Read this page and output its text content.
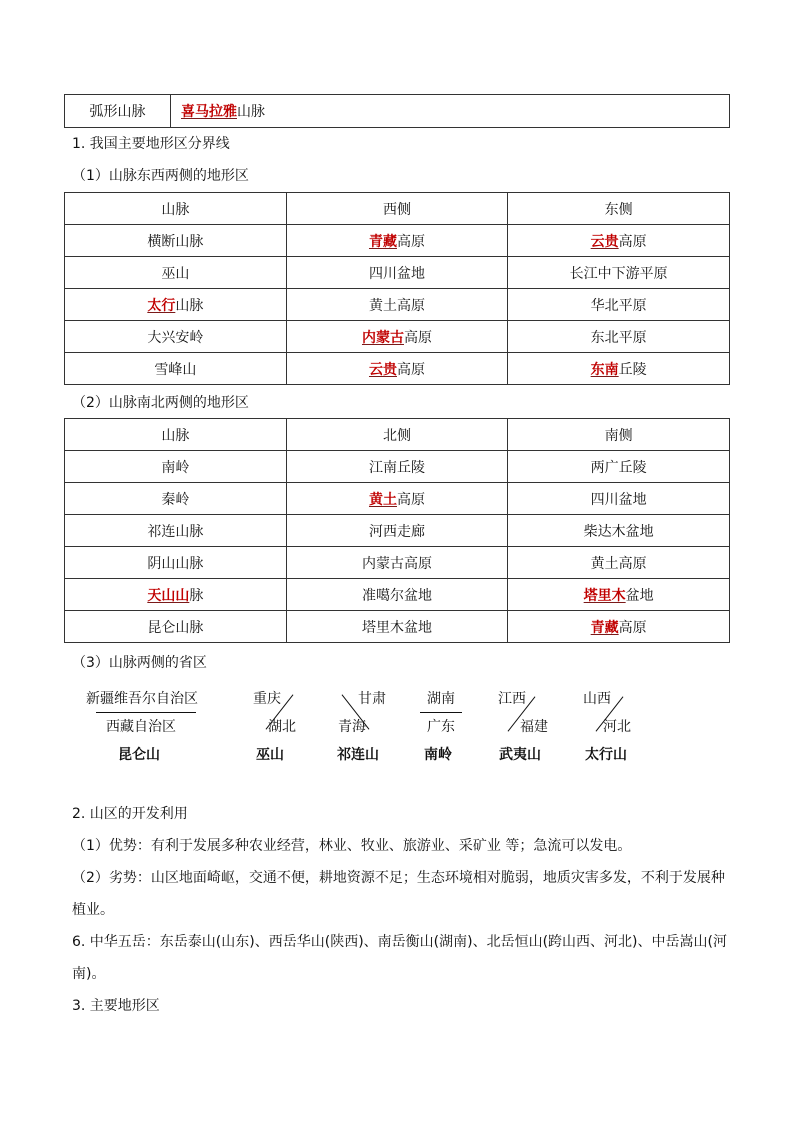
弧形山脉	喜马拉雅山脉
1. 我国主要地形区分界线
（1）山脉东西两侧的地形区
山脉	西侧	东侧
横断山脉	青藏高原	云贵高原
巫山	四川盆地	长江中下游平原
太行山脉	黄土高原	华北平原
大兴安岭	内蒙古高原	东北平原
雪峰山	云贵高原	东南丘陵
（2）山脉南北两侧的地形区
山脉	北侧	南侧
南岭	江南丘陵	两广丘陵
秦岭	黄土高原	四川盆地
祁连山脉	河西走廊	柴达木盆地
阴山山脉	内蒙古高原	黄土高原
天山山脉	准噶尔盆地	塔里木盆地
昆仑山脉	塔里木盆地	青藏高原
（3）山脉两侧的省区
新疆维吾尔自治区
西藏自治区
昆仑山
重庆
湖北
巫山
甘肃
青海
祁连山
湖南
广东
南岭
江西
福建
武夷山
山西
河北
太行山
2. 山区的开发利用
（1）优势：有利于发展多种农业经营，林业、牧业、旅游业、采矿业 等；急流可以发电。
（2）劣势：山区地面崎岖，交通不便，耕地资源不足；生态环境相对脆弱，地质灾害多发，不利于发展种植业。
6. 中华五岳：东岳泰山(山东)、西岳华山(陕西)、南岳衡山(湖南)、北岳恒山(跨山西、河北)、中岳嵩山(河南)。
3. 主要地形区
